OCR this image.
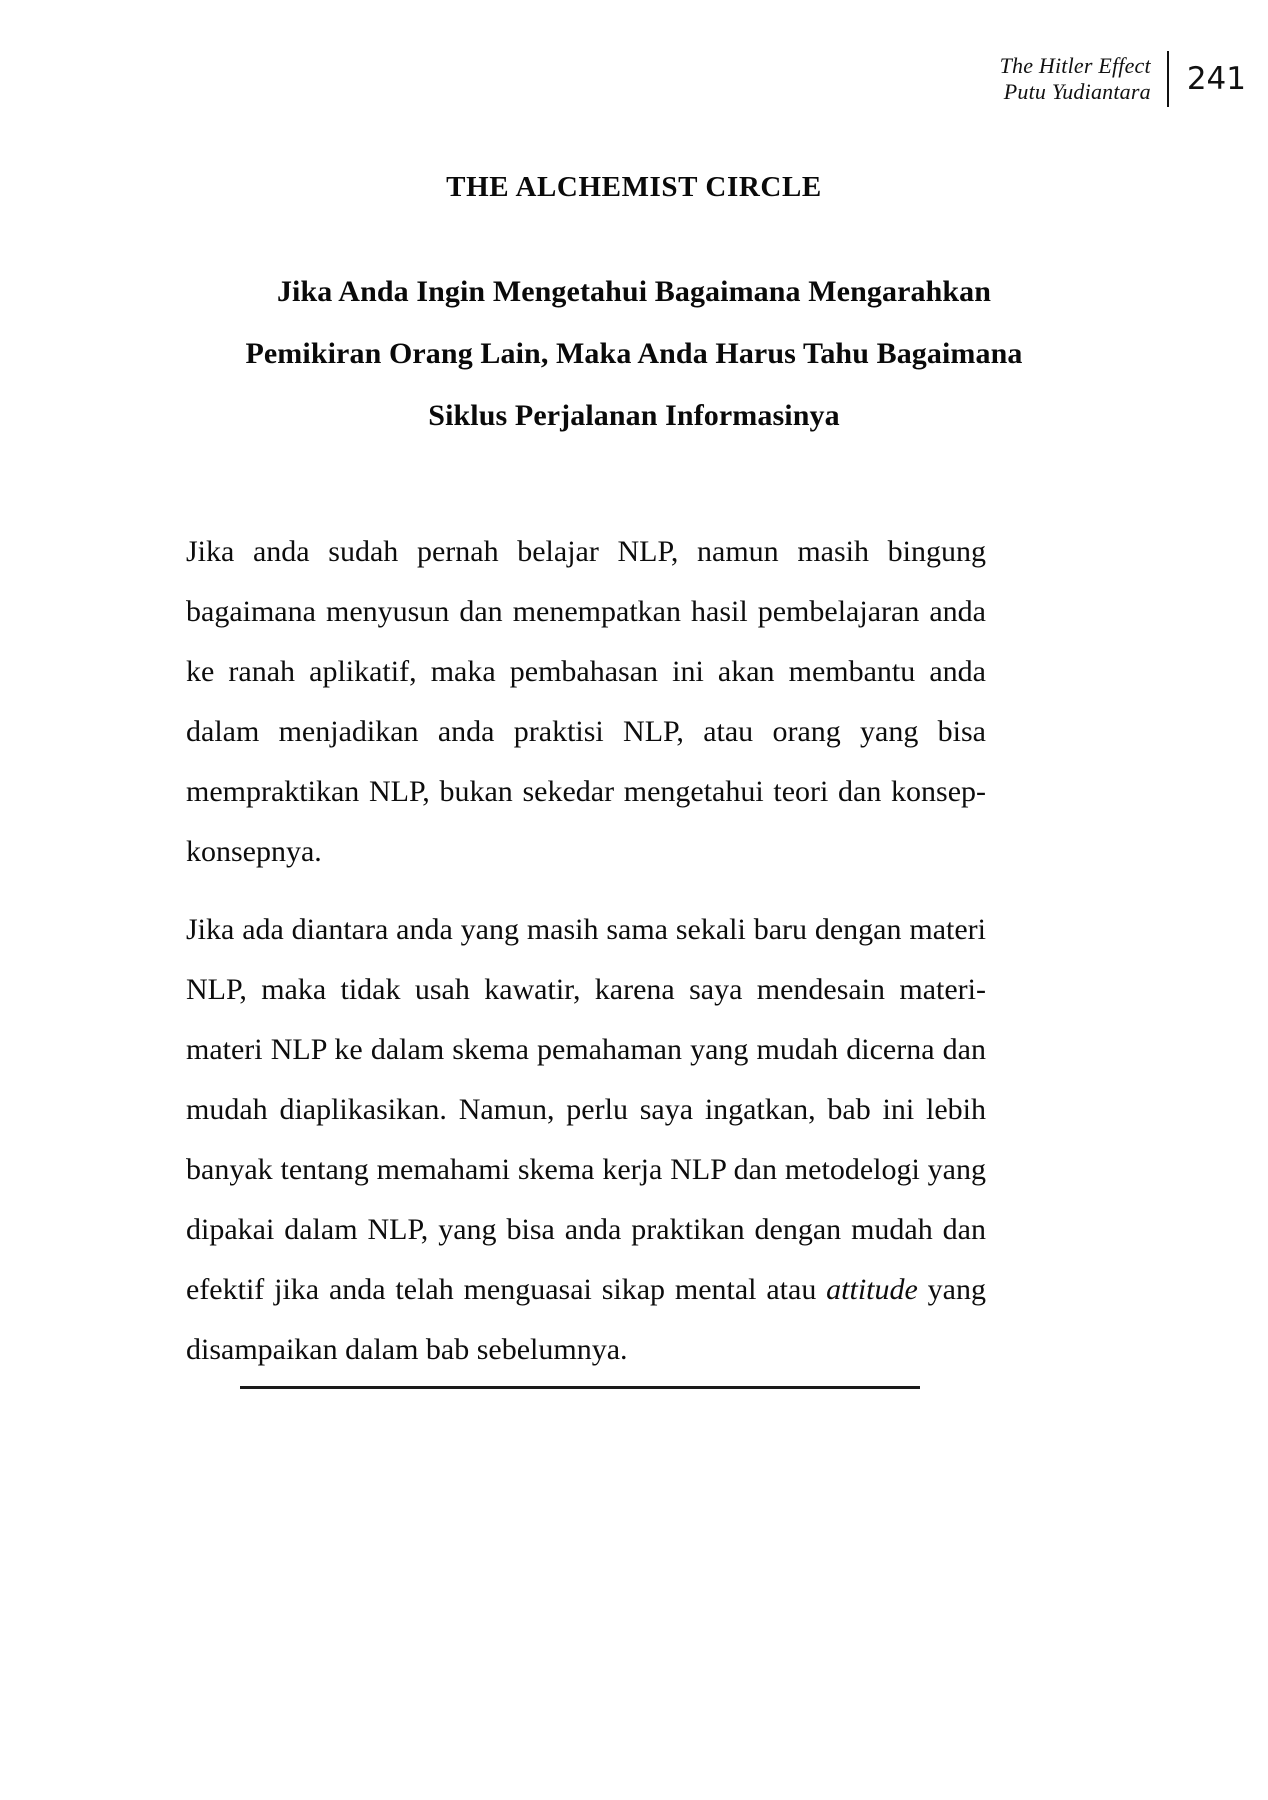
The Hitler Effect
Putu Yudiantara	241
THE ALCHEMIST CIRCLE
Jika Anda Ingin Mengetahui Bagaimana Mengarahkan
Pemikiran Orang Lain, Maka Anda Harus Tahu Bagaimana
Siklus Perjalanan Informasinya

Jika anda sudah pernah belajar NLP, namun masih bingung bagaimana menyusun dan menempatkan hasil pembelajaran anda ke ranah aplikatif, maka pembahasan ini akan membantu anda dalam menjadikan anda praktisi NLP, atau orang yang bisa mempraktikan NLP, bukan sekedar mengetahui teori dan konsep-konsepnya.

Jika ada diantara anda yang masih sama sekali baru dengan materi NLP, maka tidak usah kawatir, karena saya mendesain materi-materi NLP ke dalam skema pemahaman yang mudah dicerna dan mudah diaplikasikan. Namun, perlu saya ingatkan, bab ini lebih banyak tentang memahami skema kerja NLP dan metodelogi yang dipakai dalam NLP, yang bisa anda praktikan dengan mudah dan efektif jika anda telah menguasai sikap mental atau attitude yang disampaikan dalam bab sebelumnya.
